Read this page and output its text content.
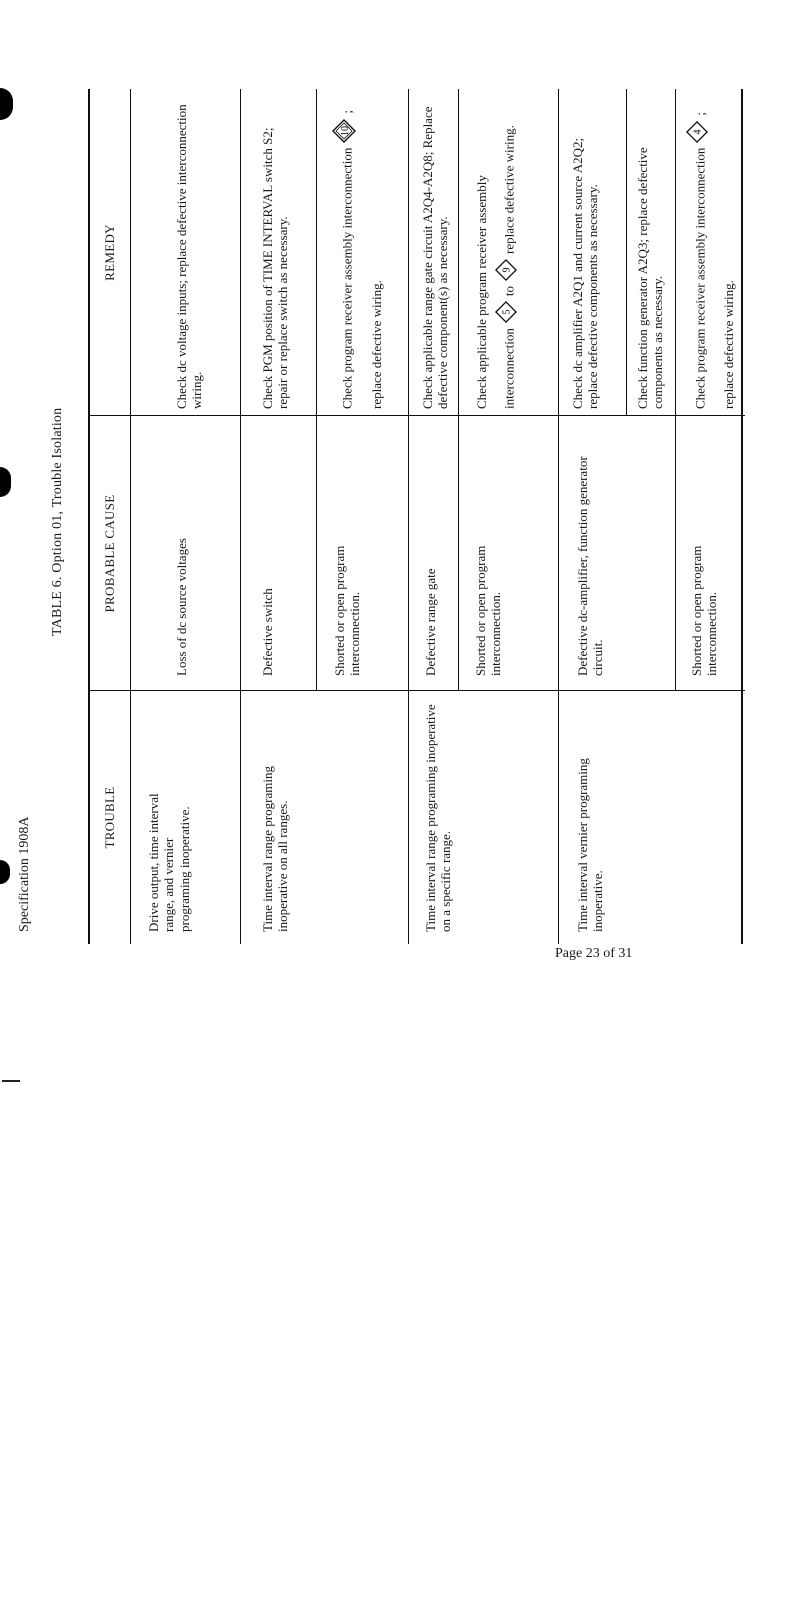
Specification 1908A
TABLE 6. Option 01, Trouble Isolation
TROUBLE
PROBABLE CAUSE
REMEDY
Drive output, time interval range, and vernier programing inoperative.
Loss of dc source voltages
Check dc voltage inputs; replace defective interconnection wiring.
Time interval range programing inoperative on all ranges.
Defective switch
Check PGM position of TIME INTERVAL switch S2; repair or replace switch as necessary.
Shorted or open program interconnection.
Check program receiver assembly interconnection
10
; replace defective wiring.
Time interval range programing inoperative on a specific range.
Defective range gate
Check applicable range gate circuit A2Q4-A2Q8; Replace defective component(s) as necessary.
Shorted or open program interconnection.
Check applicable program receiver assembly interconnection
5
to
9
replace defective wiring.
Time interval vernier programing inoperative.
Defective dc-amplifier, function generator circuit.
Check dc amplifier A2Q1 and current source A2Q2; replace defective components as necessary.	Check function generator A2Q3; replace defective components as necessary.
Shorted or open program interconnection.
Check program receiver assembly interconnection
4
; replace defective wiring.
Page 23 of 31
